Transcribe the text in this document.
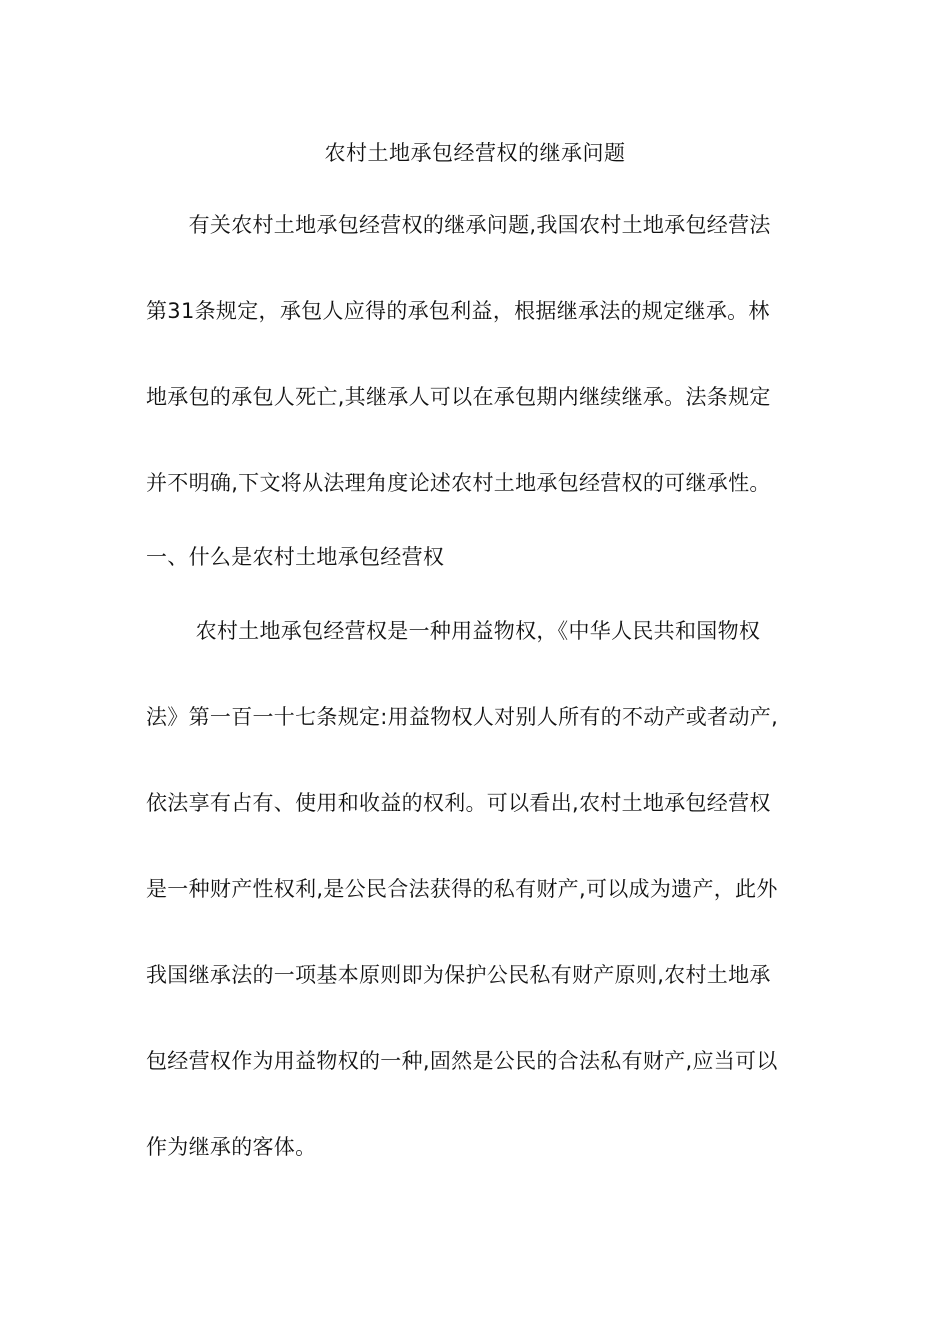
农村土地承包经营权的继承问题
　　有关农村土地承包经营权的继承问题,我国农村土地承包经营法
第31条规定，承包人应得的承包利益，根据继承法的规定继承。林
地承包的承包人死亡,其继承人可以在承包期内继续继承。法条规定
并不明确,下文将从法理角度论述农村土地承包经营权的可继承性。
一、什么是农村土地承包经营权
　　 农村土地承包经营权是一种用益物权，《中华人民共和国物权
法》第一百一十七条规定:用益物权人对别人所有的不动产或者动产,
依法享有占有、使用和收益的权利。可以看出,农村土地承包经营权
是一种财产性权利,是公民合法获得的私有财产,可以成为遗产，此外
我国继承法的一项基本原则即为保护公民私有财产原则,农村土地承
包经营权作为用益物权的一种,固然是公民的合法私有财产,应当可以
作为继承的客体。
